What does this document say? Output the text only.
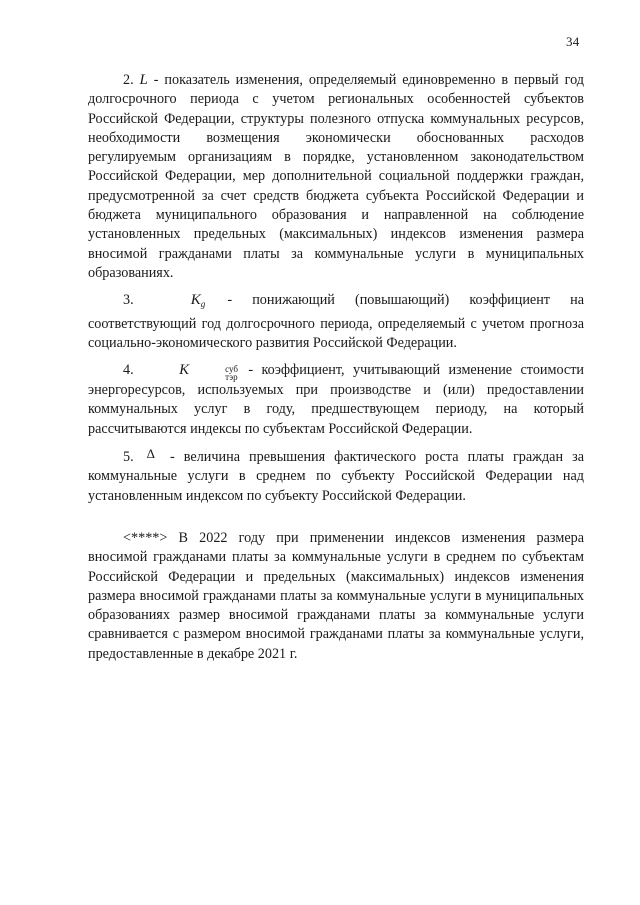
34

2. L - показатель изменения, определяемый единовременно в первый год долгосрочного периода с учетом региональных особенностей субъектов Российской Федерации, структуры полезного отпуска коммунальных ресурсов, необходимости возмещения экономически обоснованных расходов регулируемым организациям в порядке, установленном законодательством Российской Федерации, мер дополнительной социальной поддержки граждан, предусмотренной за счет средств бюджета субъекта Российской Федерации и бюджета муниципального образования и направленной на соблюдение установленных предельных (максимальных) индексов изменения размера вносимой гражданами платы за коммунальные услуги в муниципальных образованиях.

3.	$K_g$ - понижающий (повышающий) коэффициент на соответствующий год долгосрочного периода, определяемый с учетом прогноза социально-экономического развития Российской Федерации.

4.	K	суб
тэр - коэффициент, учитывающий изменение стоимости энергоресурсов, используемых при производстве и (или) предоставлении коммунальных услуг в году, предшествующем периоду, на который рассчитываются индексы по субъектам Российской Федерации.

5. Δ - величина превышения фактического роста платы граждан за коммунальные услуги в среднем по субъекту Российской Федерации над установленным индексом по субъекту Российской Федерации.

<****> В 2022 году при применении индексов изменения размера вносимой гражданами платы за коммунальные услуги в среднем по субъектам Российской Федерации и предельных (максимальных) индексов изменения размера вносимой гражданами платы за коммунальные услуги в муниципальных образованиях размер вносимой гражданами платы за коммунальные услуги сравнивается с размером вносимой гражданами платы за коммунальные услуги, предоставленные в декабре 2021 г.
